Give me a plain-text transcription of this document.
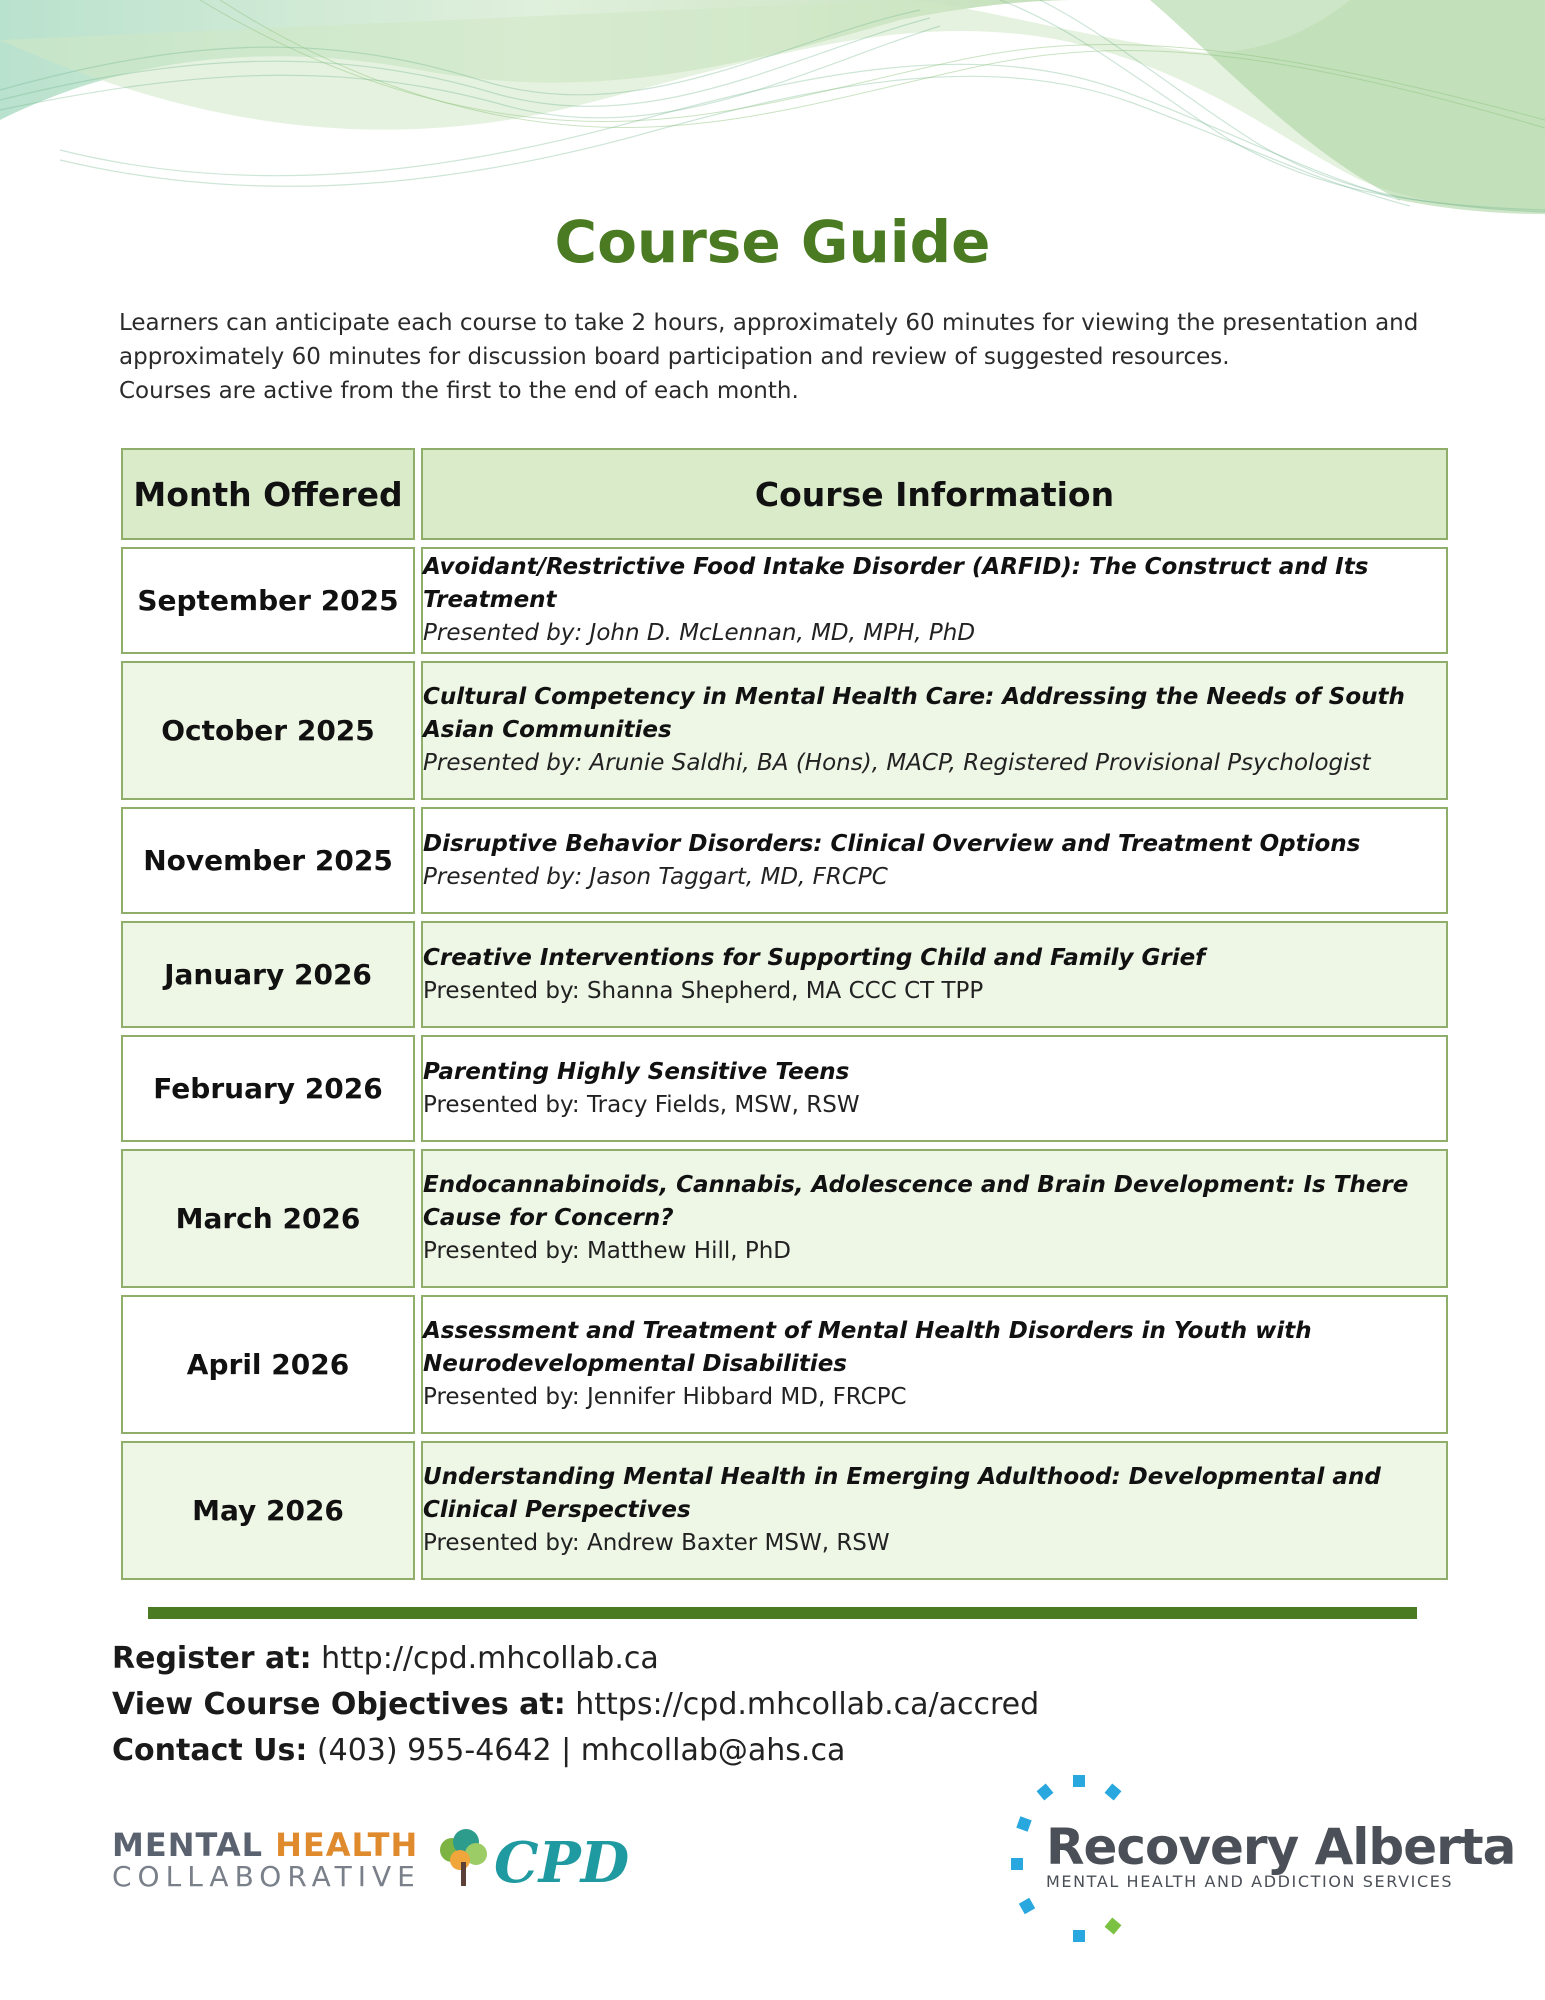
Course Guide
Learners can anticipate each course to take 2 hours, approximately 60 minutes for viewing the presentation and
approximately 60 minutes for discussion board participation and review of suggested resources.
Courses are active from the first to the end of each month.
Month Offered	Course Information
September 2025	Avoidant/Restrictive Food Intake Disorder (ARFID): The Construct and Its Treatment
Presented by: John D. McLennan, MD, MPH, PhD

October 2025	Cultural Competency in Mental Health Care: Addressing the Needs of South Asian Communities
Presented by: Arunie Saldhi, BA (Hons), MACP, Registered Provisional Psychologist

November 2025	Disruptive Behavior Disorders: Clinical Overview and Treatment Options
Presented by: Jason Taggart, MD, FRCPC

January 2026	Creative Interventions for Supporting Child and Family Grief
Presented by: Shanna Shepherd, MA CCC CT TPP

February 2026	Parenting Highly Sensitive Teens
Presented by: Tracy Fields, MSW, RSW

March 2026	Endocannabinoids, Cannabis, Adolescence and Brain Development: Is There Cause for Concern?
Presented by: Matthew Hill, PhD

April 2026	Assessment and Treatment of Mental Health Disorders in Youth with Neurodevelopmental Disabilities
Presented by: Jennifer Hibbard MD, FRCPC

May 2026	Understanding Mental Health in Emerging Adulthood: Developmental and Clinical Perspectives
Presented by: Andrew Baxter MSW, RSW
Register at: http://cpd.mhcollab.ca
View Course Objectives at: https://cpd.mhcollab.ca/accred
Contact Us: (403) 955-4642 | mhcollab@ahs.ca
MENTAL HEALTH
COLLABORATIVE CPD	Recovery Alberta
MENTAL HEALTH AND ADDICTION SERVICES
